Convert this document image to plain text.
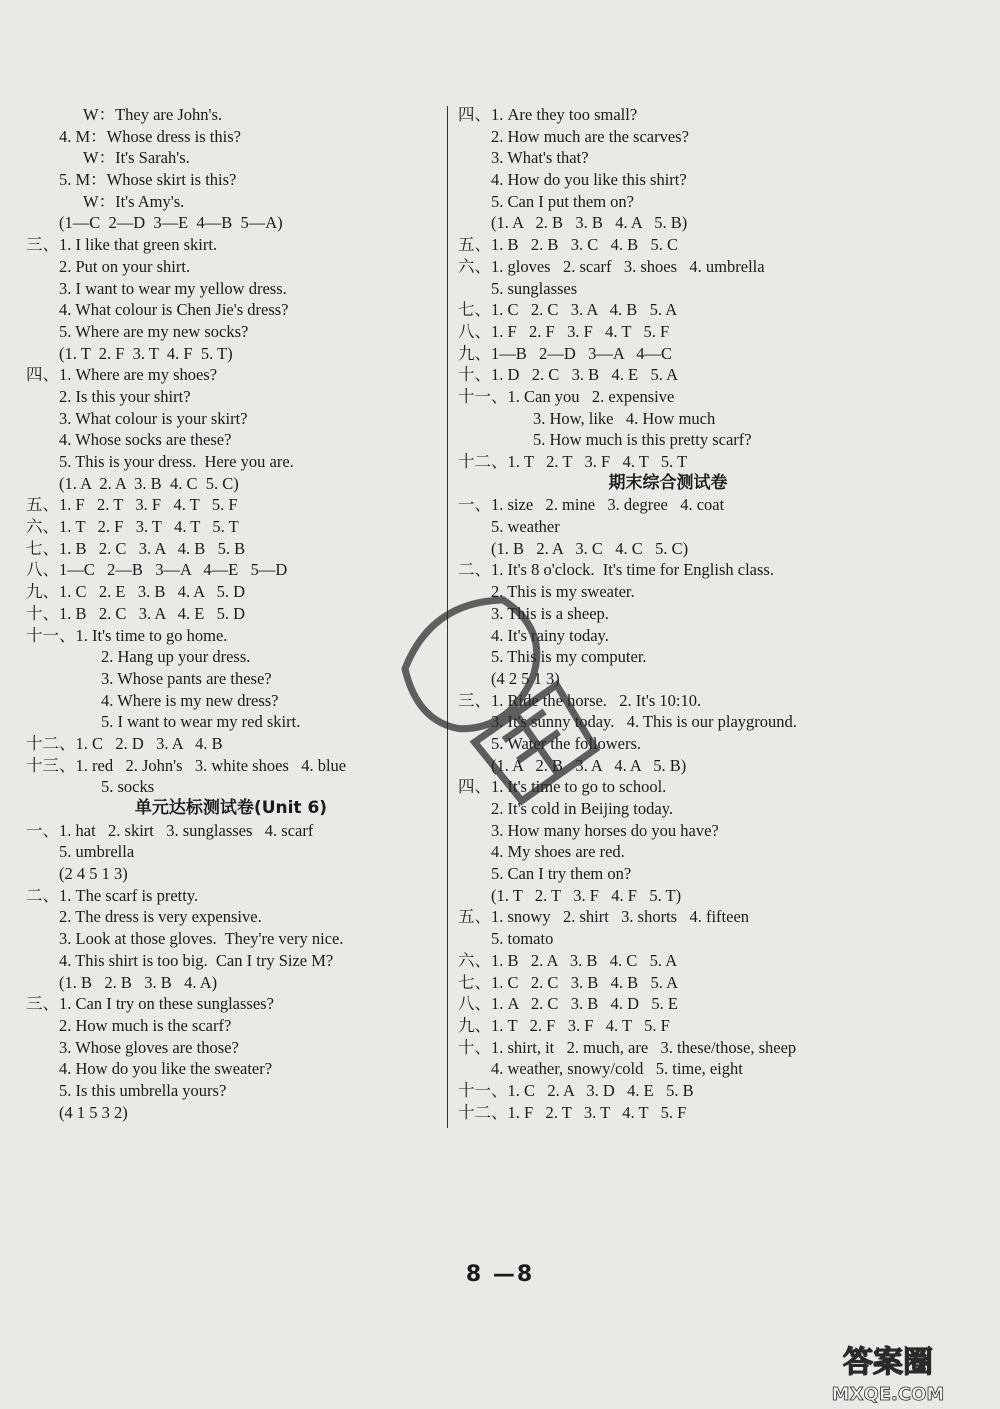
W：They are John's.
4. M：Whose dress is this?
W：It's Sarah's.
5. M：Whose skirt is this?
W：It's Amy's.
(1—C  2—D  3—E  4—B  5—A)
三、1. I like that green skirt.
2. Put on your shirt.
3. I want to wear my yellow dress.
4. What colour is Chen Jie's dress?
5. Where are my new socks?
(1. T  2. F  3. T  4. F  5. T)
四、1. Where are my shoes?
2. Is this your shirt?
3. What colour is your skirt?
4. Whose socks are these?
5. This is your dress.  Here you are.
(1. A  2. A  3. B  4. C  5. C)
五、1. F   2. T   3. F   4. T   5. F
六、1. T   2. F   3. T   4. T   5. T
七、1. B   2. C   3. A   4. B   5. B
八、1—C   2—B   3—A   4—E   5—D
九、1. C   2. E   3. B   4. A   5. D
十、1. B   2. C   3. A   4. E   5. D
十一、1. It's time to go home.
2. Hang up your dress.
3. Whose pants are these?
4. Where is my new dress?
5. I want to wear my red skirt.
十二、1. C   2. D   3. A   4. B
十三、1. red   2. John's   3. white shoes   4. blue
5. socks
单元达标测试卷(Unit 6)
一、1. hat   2. skirt   3. sunglasses   4. scarf
5. umbrella
(2 4 5 1 3)
二、1. The scarf is pretty.
2. The dress is very expensive.
3. Look at those gloves.  They're very nice.
4. This shirt is too big.  Can I try Size M?
(1. B   2. B   3. B   4. A)
三、1. Can I try on these sunglasses?
2. How much is the scarf?
3. Whose gloves are those?
4. How do you like the sweater?
5. Is this umbrella yours?
(4 1 5 3 2)
四、1. Are they too small?
2. How much are the scarves?
3. What's that?
4. How do you like this shirt?
5. Can I put them on?
(1. A   2. B   3. B   4. A   5. B)
五、1. B   2. B   3. C   4. B   5. C
六、1. gloves   2. scarf   3. shoes   4. umbrella
5. sunglasses
七、1. C   2. C   3. A   4. B   5. A
八、1. F   2. F   3. F   4. T   5. F
九、1—B   2—D   3—A   4—C
十、1. D   2. C   3. B   4. E   5. A
十一、1. Can you   2. expensive
3. How, like   4. How much
5. How much is this pretty scarf?
十二、1. T   2. T   3. F   4. T   5. T
期末综合测试卷
一、1. size   2. mine   3. degree   4. coat
5. weather
(1. B   2. A   3. C   4. C   5. C)
二、1. It's 8 o'clock.  It's time for English class.
2. This is my sweater.
3. This is a sheep.
4. It's rainy today.
5. This is my computer.
(4 2 5 1 3)
三、1. Ride the horse.   2. It's 10:10.
3. It's sunny today.   4. This is our playground.
5. Water the followers.
(1. A   2. B   3. A   4. A   5. B)
四、1. It's time to go to school.
2. It's cold in Beijing today.
3. How many horses do you have?
4. My shoes are red.
5. Can I try them on?
(1. T   2. T   3. F   4. F   5. T)
五、1. snowy   2. shirt   3. shorts   4. fifteen
5. tomato
六、1. B   2. A   3. B   4. C   5. A
七、1. C   2. C   3. B   4. B   5. A
八、1. A   2. C   3. B   4. D   5. E
九、1. T   2. F   3. F   4. T   5. F
十、1. shirt, it   2. much, are   3. these/those, sheep
4. weather, snowy/cold   5. time, eight
十一、1. C   2. A   3. D   4. E   5. B
十二、1. F   2. T   3. T   4. T   5. F
8 —8
答案圈
MXQE.COM
